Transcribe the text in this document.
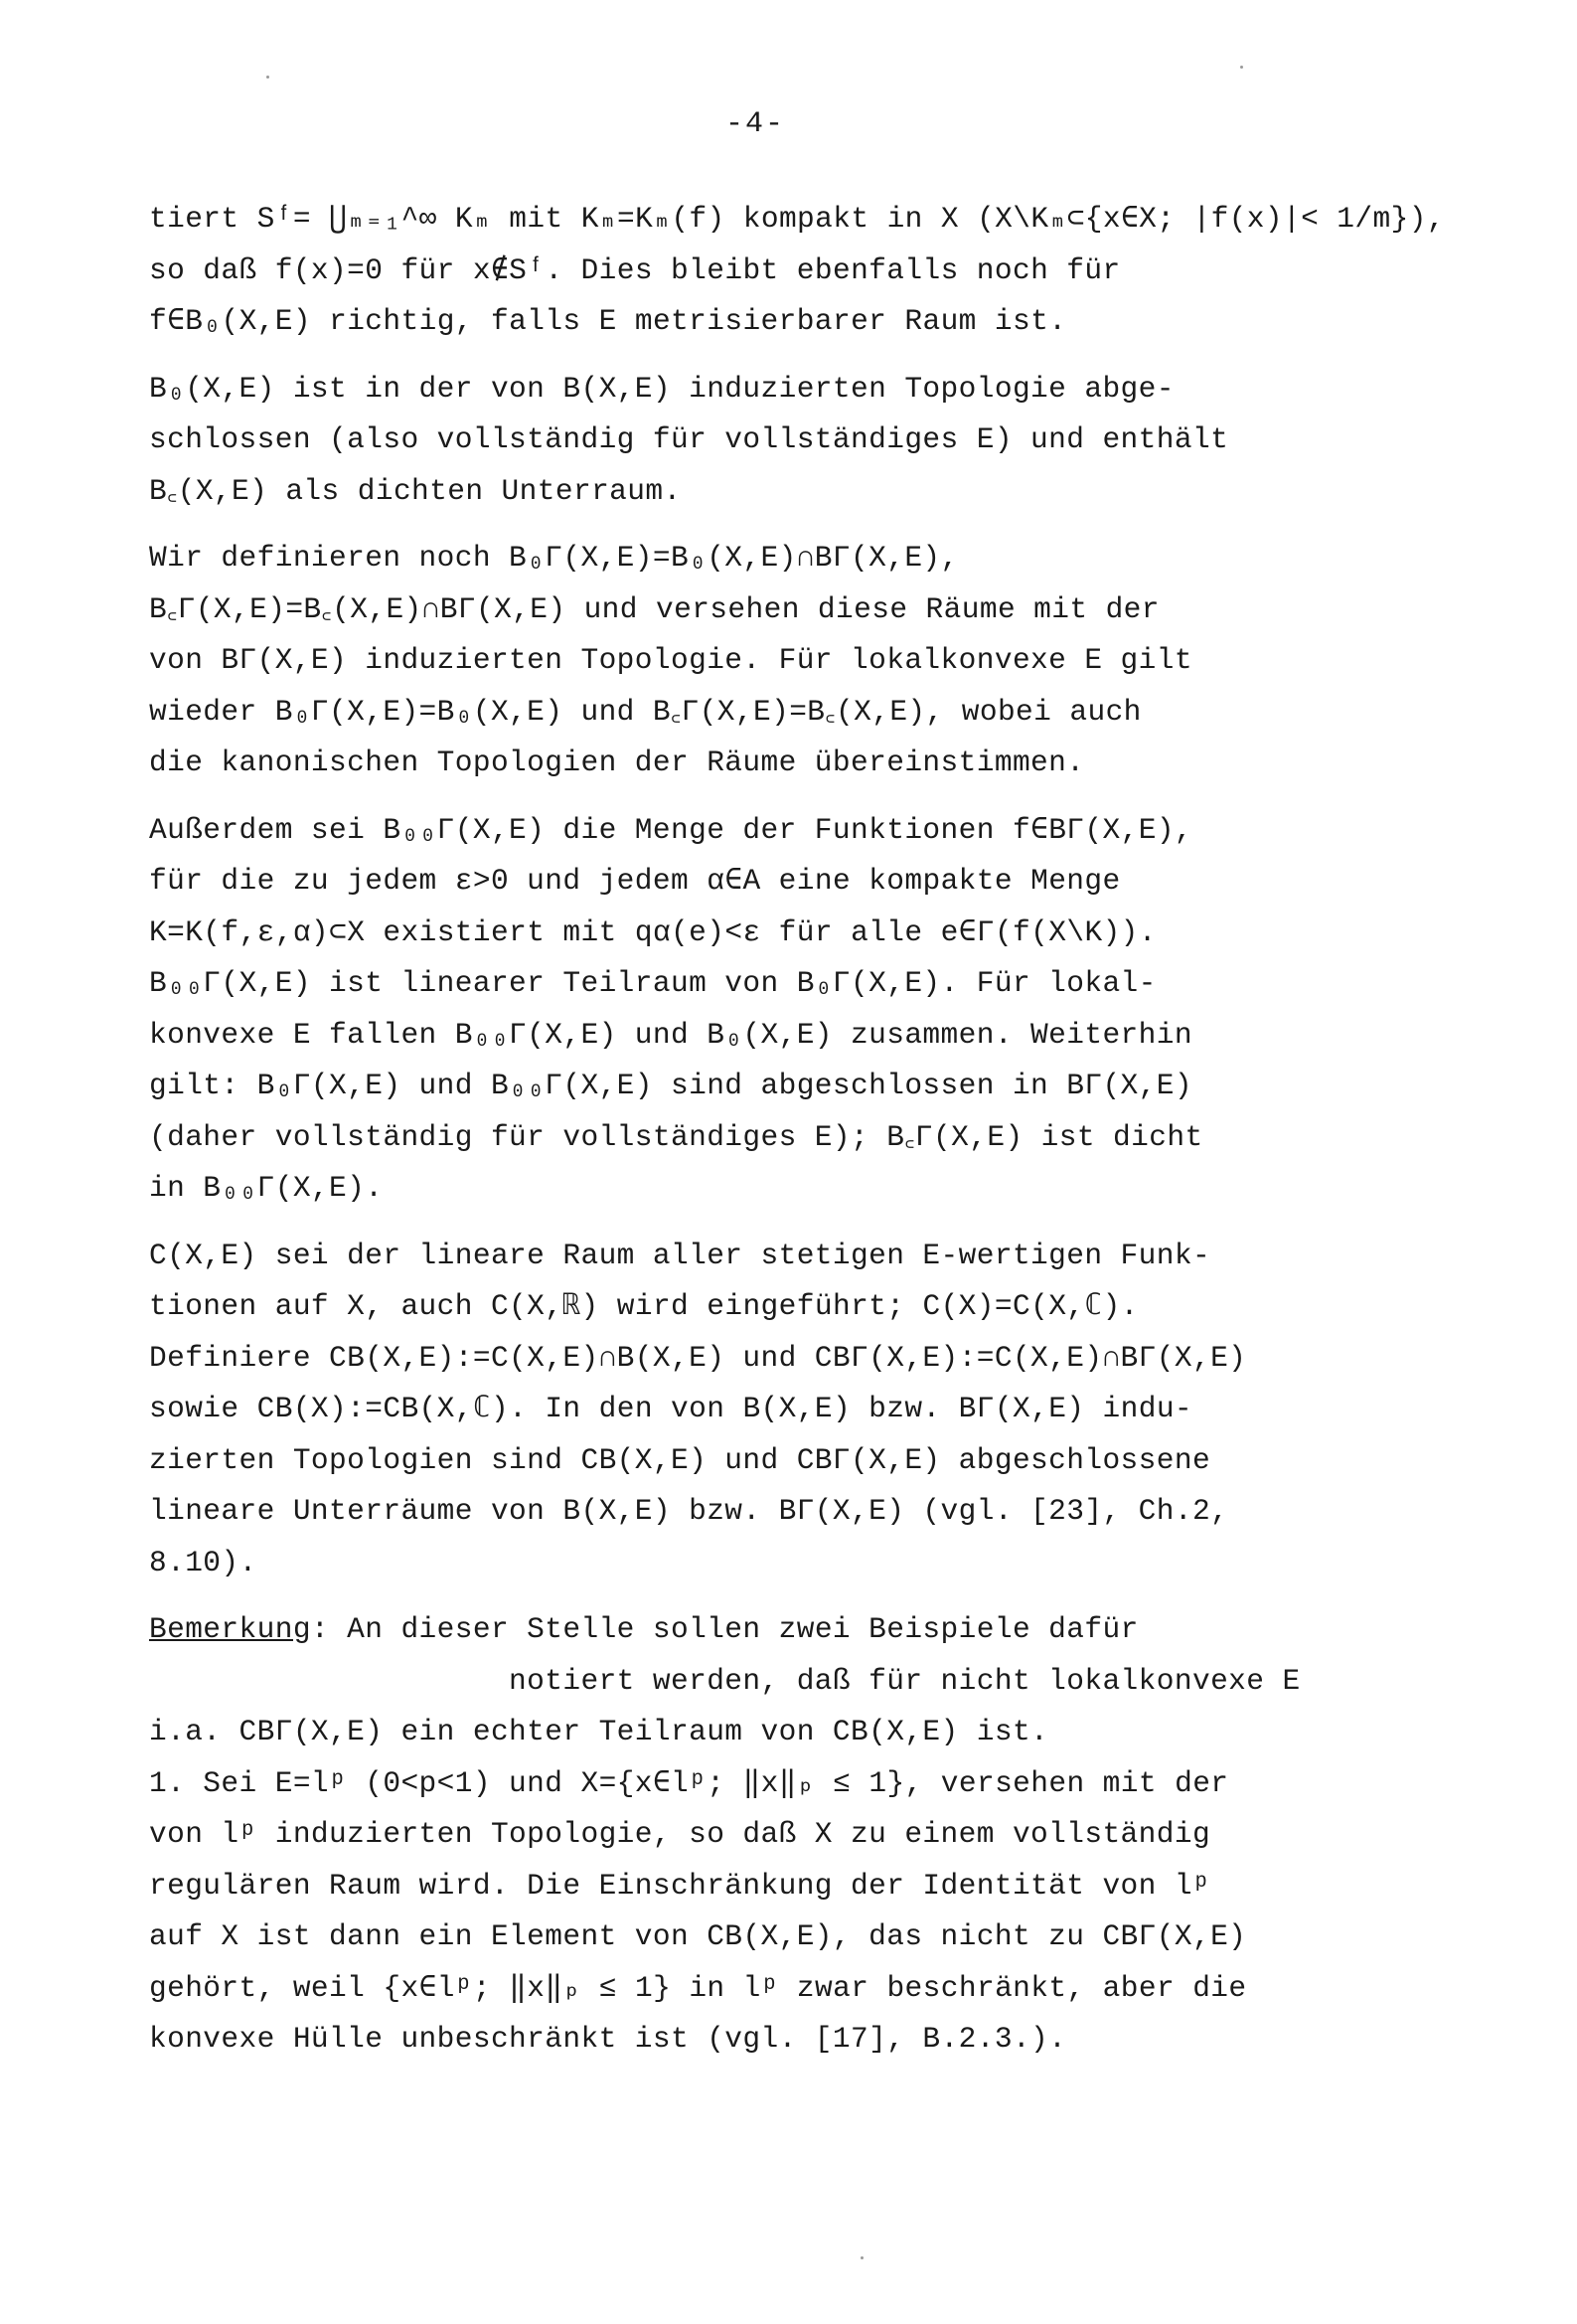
-4-
tiert Sᶠ= ⋃ₘ₌₁^∞ Kₘ mit Kₘ=Kₘ(f) kompakt in X (X\Kₘ⊂{x∈X; |f(x)|< 1/m}),
so daß f(x)=0 für x∉Sᶠ. Dies bleibt ebenfalls noch für
f∈B₀(X,E) richtig, falls E metrisierbarer Raum ist.
B₀(X,E) ist in der von B(X,E) induzierten Topologie abge-
schlossen (also vollständig für vollständiges E) und enthält
B꜀(X,E) als dichten Unterraum.
Wir definieren noch B₀Γ(X,E)=B₀(X,E)∩BΓ(X,E),
B꜀Γ(X,E)=B꜀(X,E)∩BΓ(X,E) und versehen diese Räume mit der
von BΓ(X,E) induzierten Topologie. Für lokalkonvexe E gilt
wieder B₀Γ(X,E)=B₀(X,E) und B꜀Γ(X,E)=B꜀(X,E), wobei auch
die kanonischen Topologien der Räume übereinstimmen.
Außerdem sei B₀₀Γ(X,E) die Menge der Funktionen f∈BΓ(X,E),
für die zu jedem ε>0 und jedem α∈A eine kompakte Menge
K=K(f,ε,α)⊂X existiert mit qα(e)<ε für alle e∈Γ(f(X\K)).
B₀₀Γ(X,E) ist linearer Teilraum von B₀Γ(X,E). Für lokal-
konvexe E fallen B₀₀Γ(X,E) und B₀(X,E) zusammen. Weiterhin
gilt: B₀Γ(X,E) und B₀₀Γ(X,E) sind abgeschlossen in BΓ(X,E)
(daher vollständig für vollständiges E); B꜀Γ(X,E) ist dicht
in B₀₀Γ(X,E).
C(X,E) sei der lineare Raum aller stetigen E-wertigen Funk-
tionen auf X, auch C(X,ℝ) wird eingeführt; C(X)=C(X,ℂ).
Definiere CB(X,E):=C(X,E)∩B(X,E) und CBΓ(X,E):=C(X,E)∩BΓ(X,E)
sowie CB(X):=CB(X,ℂ). In den von B(X,E) bzw. BΓ(X,E) indu-
zierten Topologien sind CB(X,E) und CBΓ(X,E) abgeschlossene
lineare Unterräume von B(X,E) bzw. BΓ(X,E) (vgl. [23], Ch.2,
8.10).
Bemerkung: An dieser Stelle sollen zwei Beispiele dafür
notiert werden, daß für nicht lokalkonvexe E
i.a. CBΓ(X,E) ein echter Teilraum von CB(X,E) ist.
1. Sei E=lᵖ (0<p<1) und X={x∈lᵖ; ‖x‖ₚ ≤ 1}, versehen mit der
von lᵖ induzierten Topologie, so daß X zu einem vollständig
regulären Raum wird. Die Einschränkung der Identität von lᵖ
auf X ist dann ein Element von CB(X,E), das nicht zu CBΓ(X,E)
gehört, weil {x∈lᵖ; ‖x‖ₚ ≤ 1} in lᵖ zwar beschränkt, aber die
konvexe Hülle unbeschränkt ist (vgl. [17], B.2.3.).
